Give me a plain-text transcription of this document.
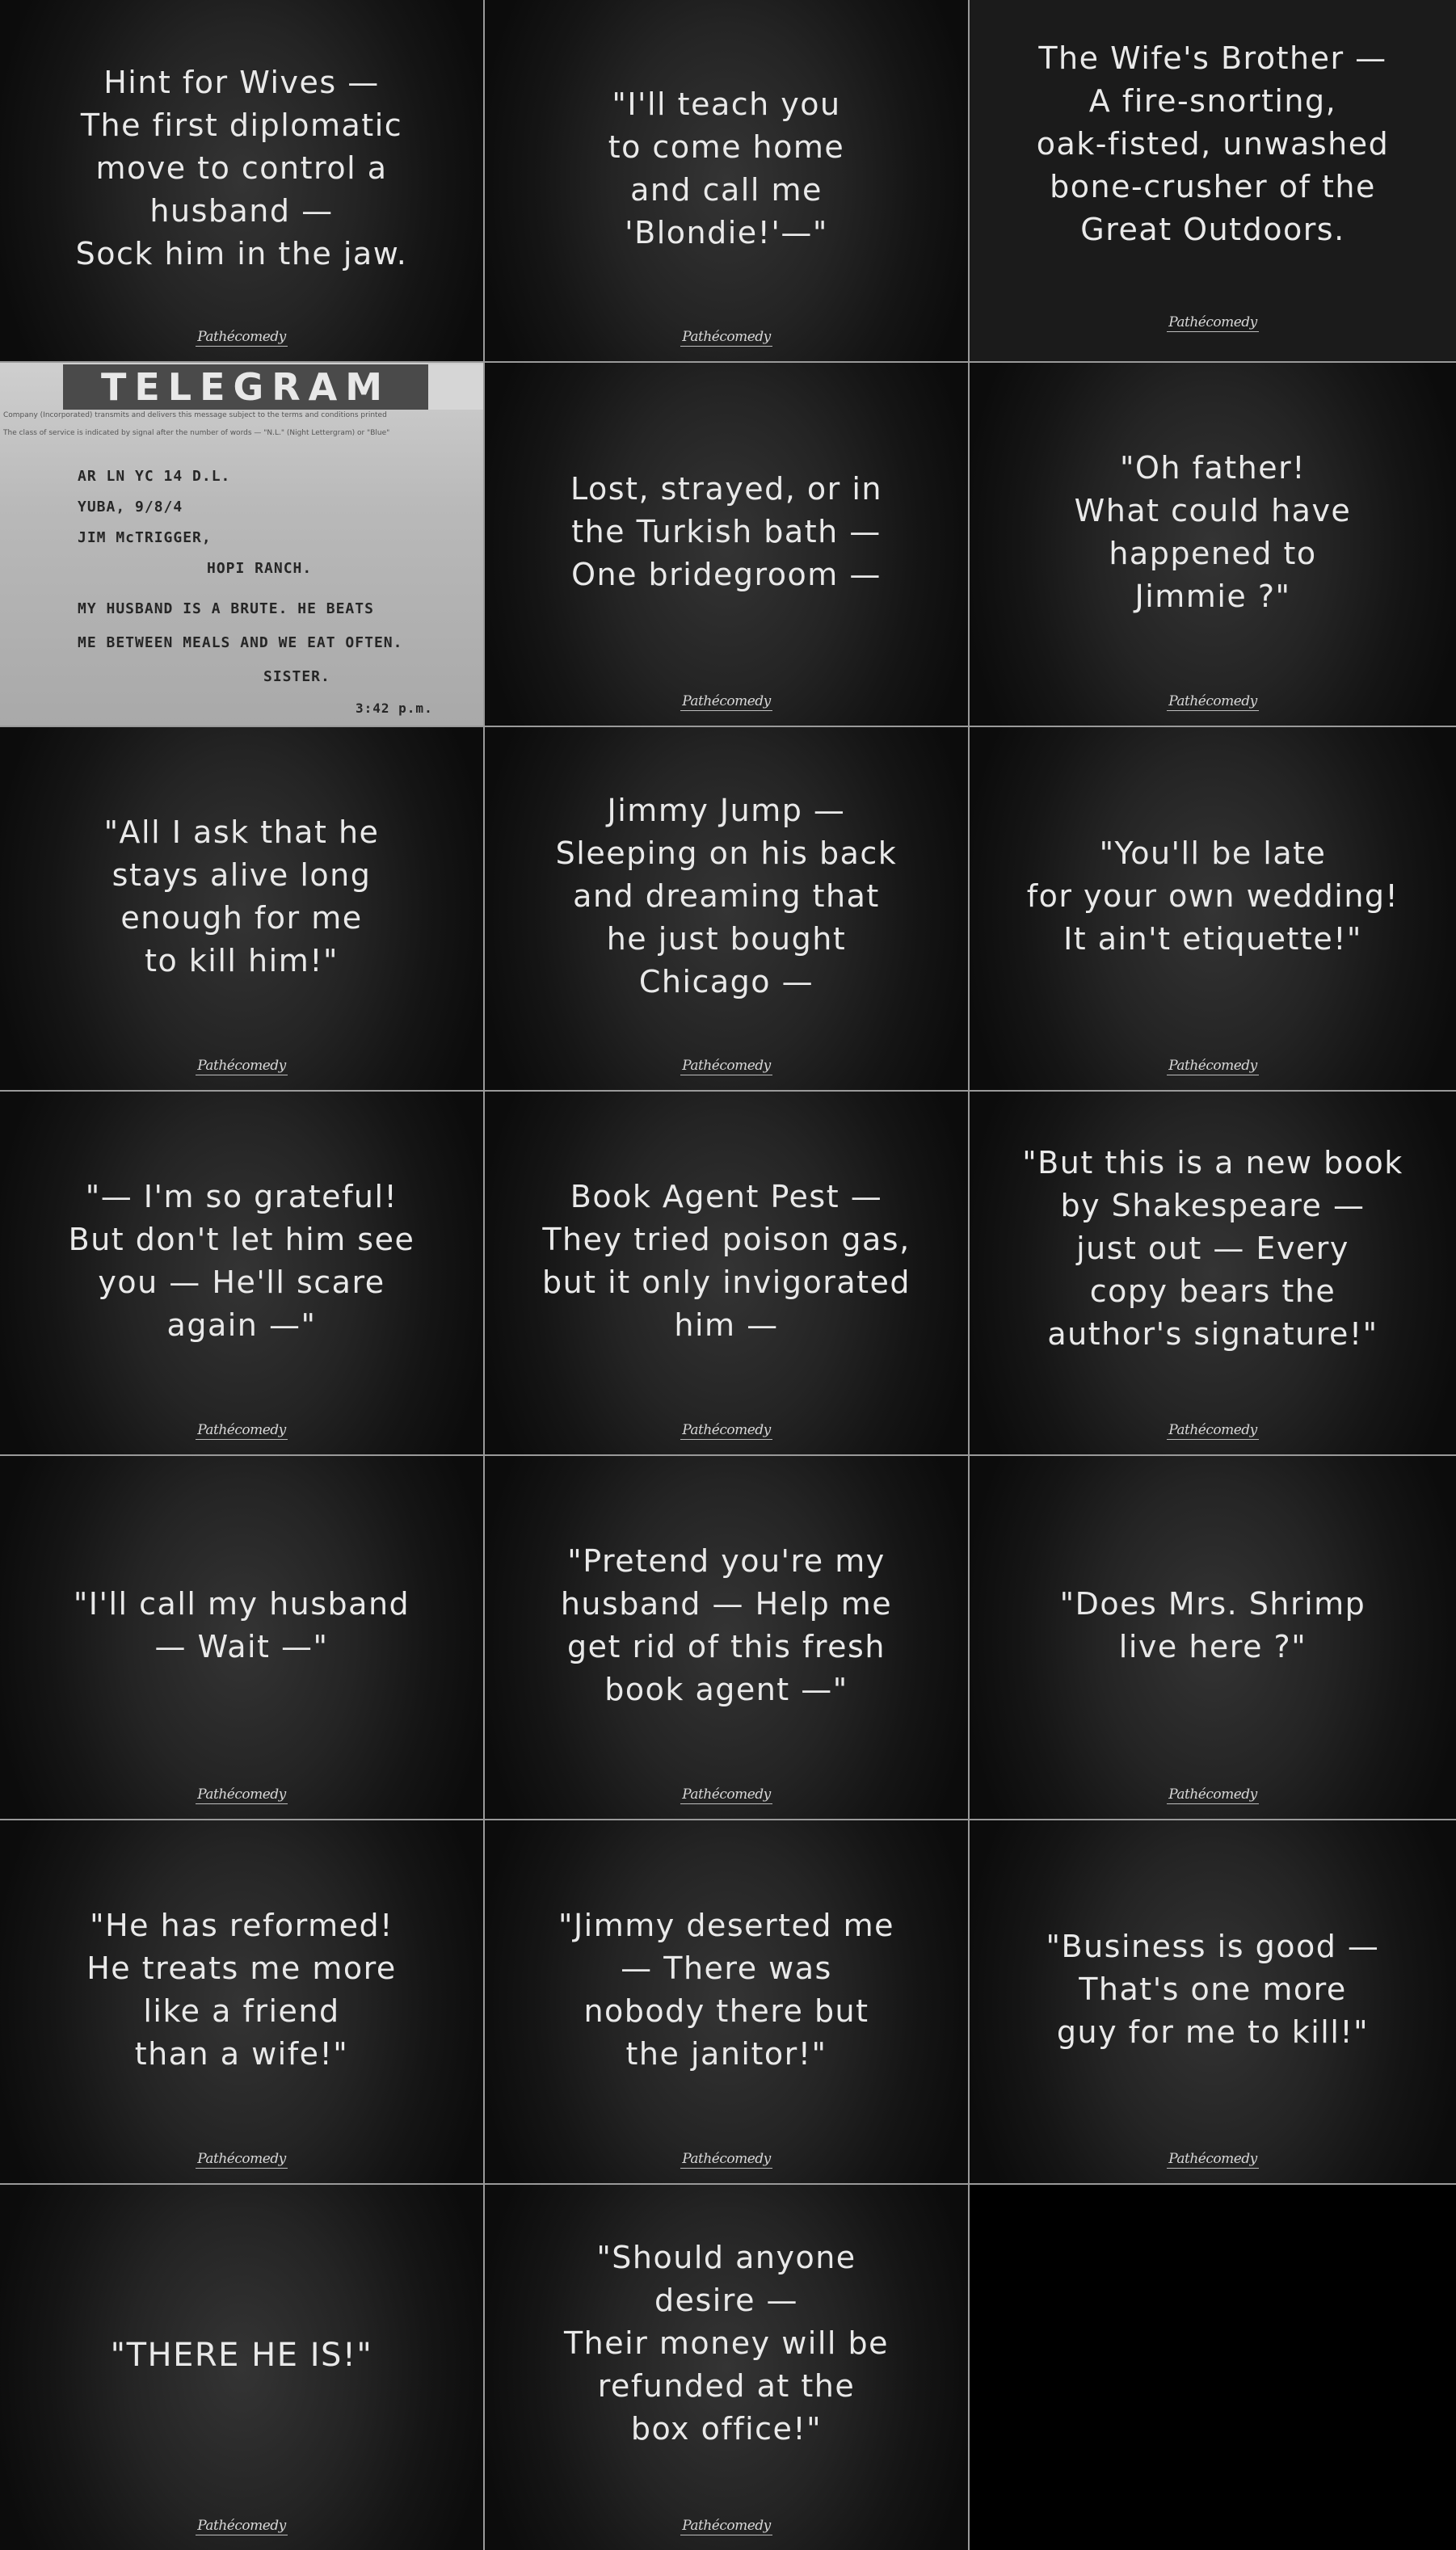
Hint for Wives —
The first diplomatic
move to control a
husband —
Sock him in the jaw.
Pathécomedy
"I'll teach you
to come home
and call me
'Blondie!'—"
Pathécomedy
The Wife's Brother —
A fire-snorting,
oak-fisted, unwashed
bone-crusher of the
Great Outdoors.
Pathécomedy
TELEGRAM
Company (Incorporated) transmits and delivers this message subject to the terms and conditions printed
The class of service is indicated by signal after the number of words — "N.L." (Night Lettergram) or "Blue"
AR LN YC 14 D.L.
YUBA, 9/8/4
JIM McTRIGGER,
HOPI RANCH.
MY HUSBAND IS A BRUTE. HE BEATS
ME BETWEEN MEALS AND WE EAT OFTEN.
SISTER.
3:42 p.m.
Lost, strayed, or in
the Turkish bath —
One bridegroom —
Pathécomedy
"Oh father!
What could have
happened to
Jimmie ?"
Pathécomedy
"All I ask that he
stays alive long
enough for me
to kill him!"
Pathécomedy
Jimmy Jump —
Sleeping on his back
and dreaming that
he just bought
Chicago —
Pathécomedy
"You'll be late
for your own wedding!
It ain't etiquette!"
Pathécomedy
"— I'm so grateful!
But don't let him see
you — He'll scare
again —"
Pathécomedy
Book Agent Pest —
They tried poison gas,
but it only invigorated
him —
Pathécomedy
"But this is a new book
by Shakespeare —
just out — Every
copy bears the
author's signature!"
Pathécomedy
"I'll call my husband
— Wait —"
Pathécomedy
"Pretend you're my
husband — Help me
get rid of this fresh
book agent —"
Pathécomedy
"Does Mrs. Shrimp
live here ?"
Pathécomedy
"He has reformed!
He treats me more
like a friend
than a wife!"
Pathécomedy
"Jimmy deserted me
— There was
nobody there but
the janitor!"
Pathécomedy
"Business is good —
That's one more
guy for me to kill!"
Pathécomedy
"THERE HE IS!"
Pathécomedy
"Should anyone
desire —
Their money will be
refunded at the
box office!"
Pathécomedy
